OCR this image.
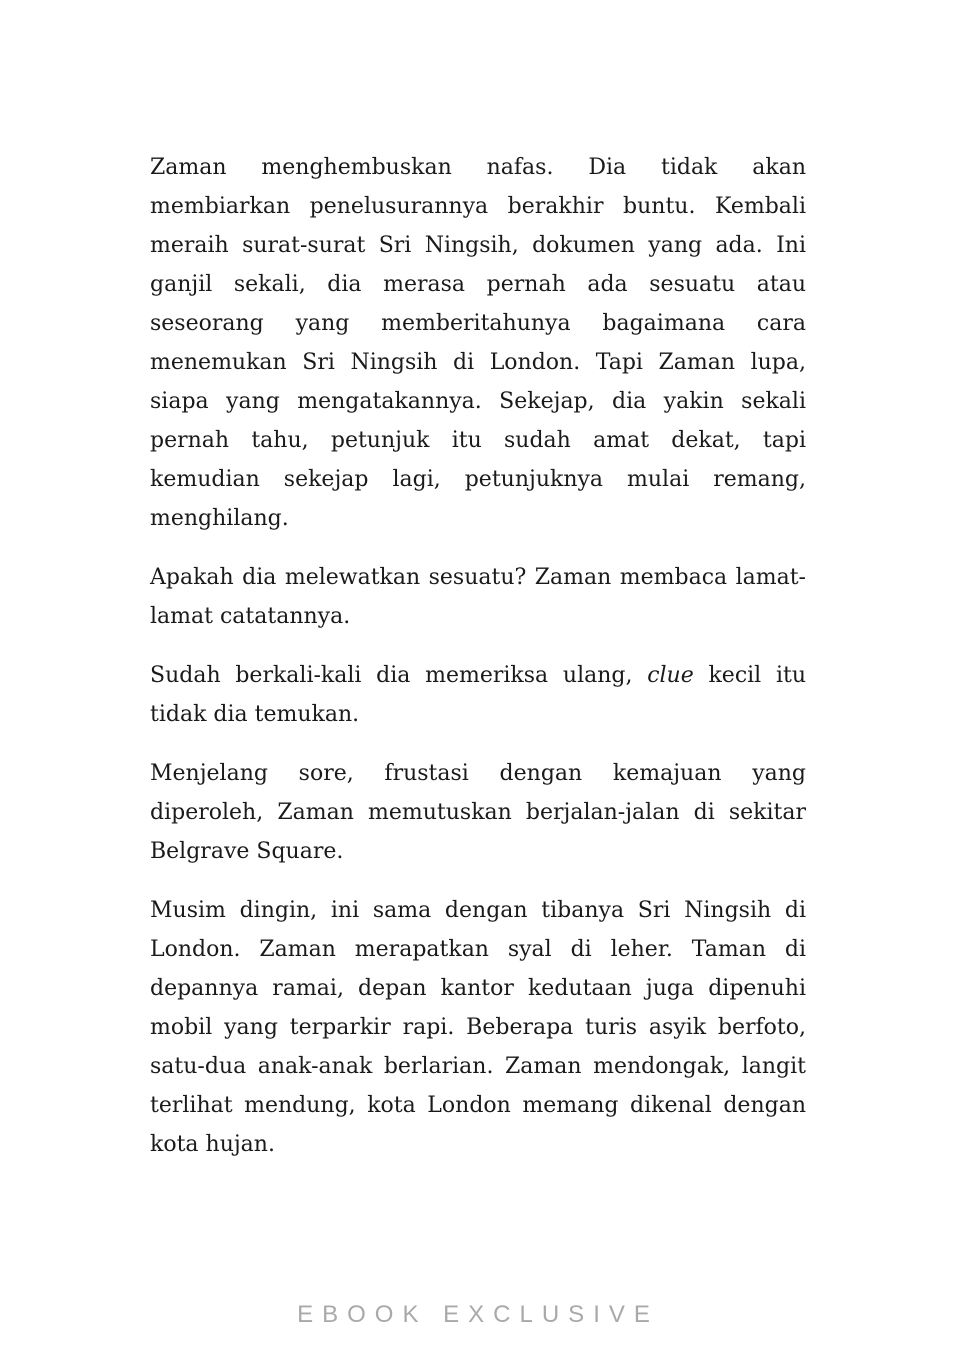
Zaman menghembuskan nafas. Dia tidak akan membiarkan penelusurannya berakhir buntu. Kembali meraih surat-surat Sri Ningsih, dokumen yang ada. Ini ganjil sekali, dia merasa pernah ada sesuatu atau seseorang yang memberitahunya bagaimana cara menemukan Sri Ningsih di London. Tapi Zaman lupa, siapa yang mengatakannya. Sekejap, dia yakin sekali pernah tahu, petunjuk itu sudah amat dekat, tapi kemudian sekejap lagi, petunjuknya mulai remang, menghilang.

Apakah dia melewatkan sesuatu? Zaman membaca lamat-lamat catatannya.

Sudah berkali-kali dia memeriksa ulang, clue kecil itu tidak dia temukan.

Menjelang sore, frustasi dengan kemajuan yang diperoleh, Zaman memutuskan berjalan-jalan di sekitar Belgrave Square.

Musim dingin, ini sama dengan tibanya Sri Ningsih di London. Zaman merapatkan syal di leher. Taman di depannya ramai, depan kantor kedutaan juga dipenuhi mobil yang terparkir rapi. Beberapa turis asyik berfoto, satu-dua anak-anak berlarian. Zaman mendongak, langit terlihat mendung, kota London memang dikenal dengan kota hujan.

EBOOK EXCLUSIVE
